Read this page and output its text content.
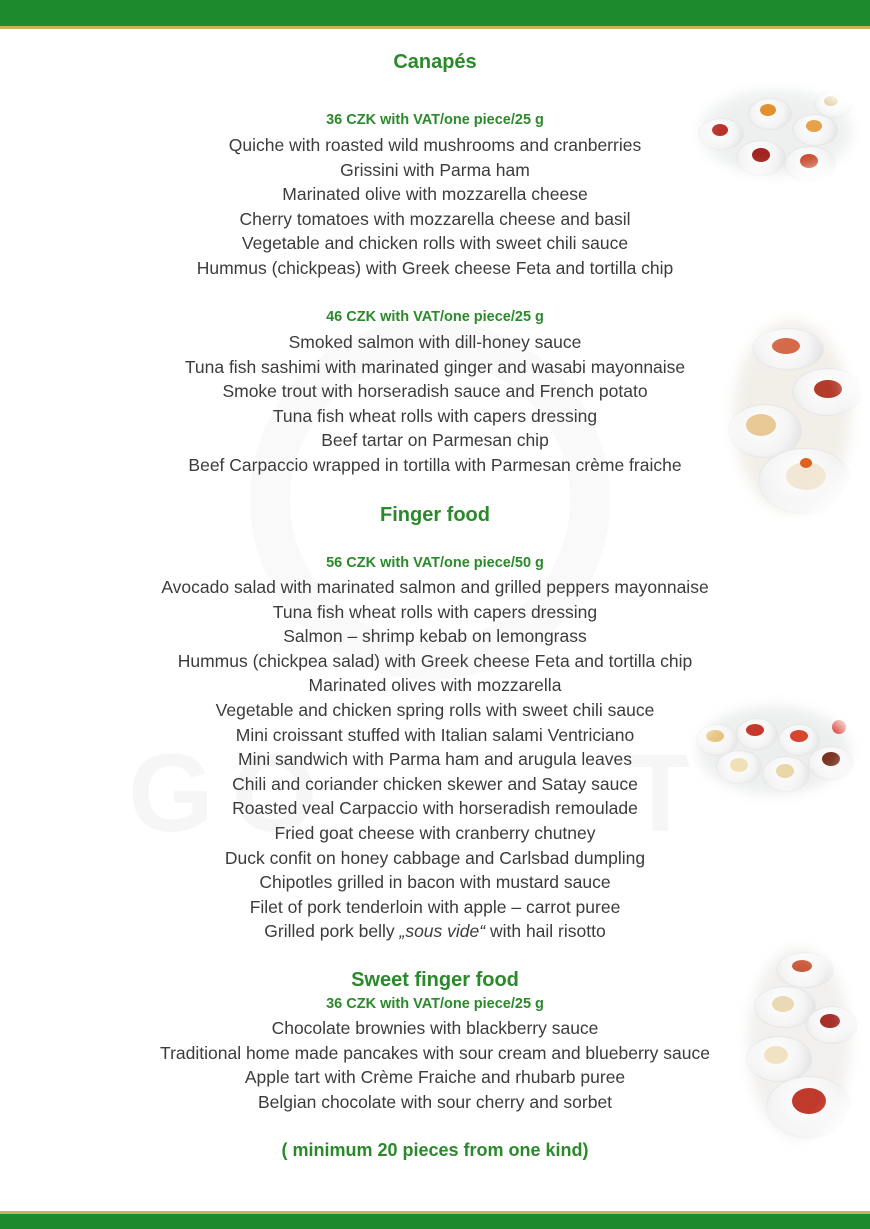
Canapés
36 CZK with VAT/one piece/25 g
Quiche with roasted wild mushrooms and cranberries
Grissini with Parma ham
Marinated olive with mozzarella cheese
Cherry tomatoes with mozzarella cheese and basil
Vegetable and chicken rolls with sweet chili sauce
Hummus (chickpeas) with Greek cheese Feta and tortilla chip
46 CZK with VAT/one piece/25 g
Smoked salmon with dill-honey sauce
Tuna fish sashimi with marinated ginger and wasabi mayonnaise
Smoke trout with horseradish sauce and French potato
Tuna fish wheat rolls with capers dressing
Beef tartar on Parmesan chip
Beef Carpaccio wrapped in tortilla with Parmesan crème fraiche
Finger food
56 CZK with VAT/one piece/50 g
Avocado salad with marinated salmon and grilled peppers mayonnaise
Tuna fish wheat rolls with capers dressing
Salmon – shrimp kebab on lemongrass
Hummus (chickpea salad) with Greek cheese Feta and tortilla chip
Marinated olives with mozzarella
Vegetable and chicken spring rolls with sweet chili sauce
Mini croissant stuffed with Italian salami Ventriciano
Mini sandwich with Parma ham and arugula leaves
Chili and coriander chicken skewer and Satay sauce
Roasted veal Carpaccio with horseradish remoulade
Fried goat cheese with cranberry chutney
Duck confit on honey cabbage and Carlsbad dumpling
Chipotles grilled in bacon with mustard sauce
Filet of pork tenderloin with apple – carrot puree
Grilled pork belly „sous vide“ with hail risotto
Sweet finger food
36 CZK with VAT/one piece/25 g
Chocolate brownies with blackberry sauce
Traditional home made pancakes with sour cream and blueberry sauce
Apple tart with Crème Fraiche and rhubarb puree
Belgian chocolate with sour cherry and sorbet
( minimum 20 pieces from one kind)
